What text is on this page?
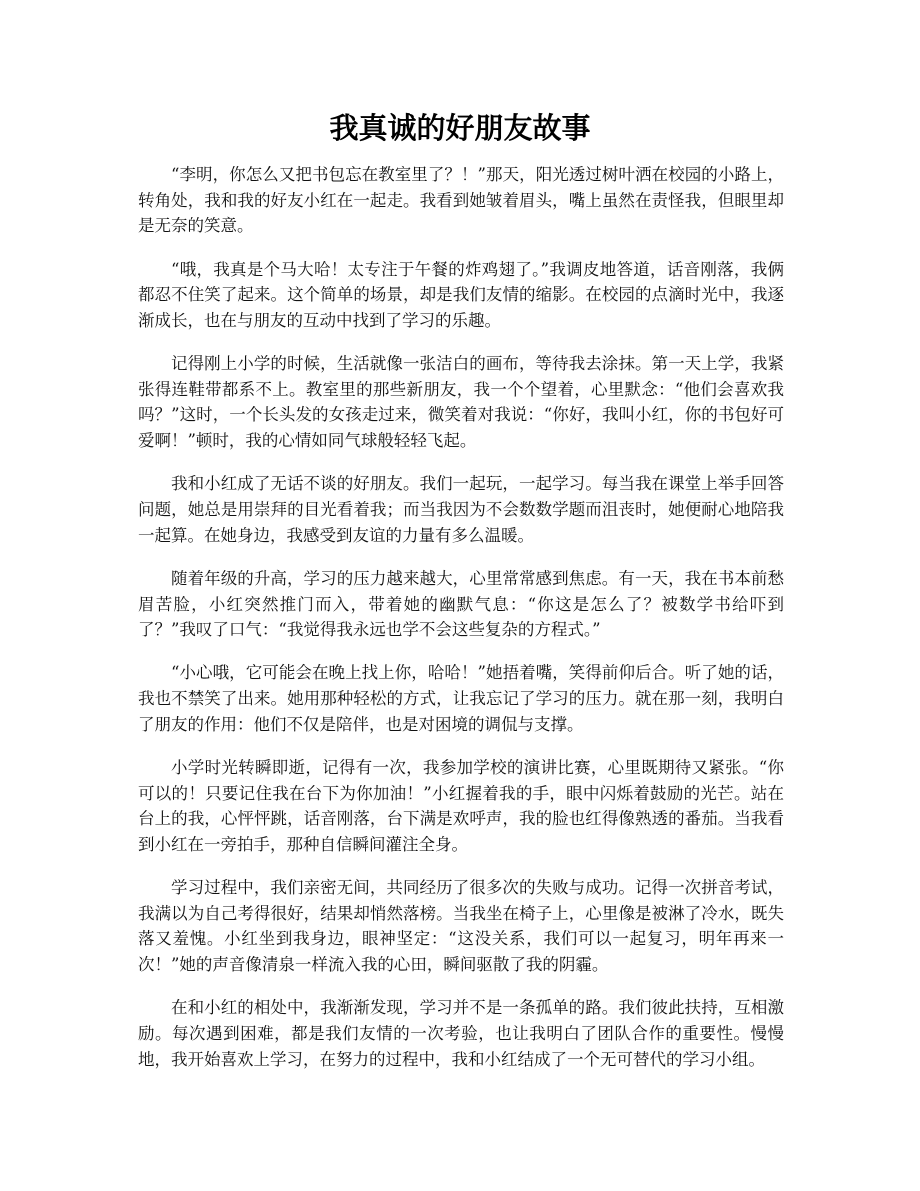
我真诚的好朋友故事

“李明，你怎么又把书包忘在教室里了？！”那天，阳光透过树叶洒在校园的小路上，转角处，我和我的好友小红在一起走。我看到她皱着眉头，嘴上虽然在责怪我，但眼里却是无奈的笑意。

“哦，我真是个马大哈！太专注于午餐的炸鸡翅了。”我调皮地答道，话音刚落，我俩都忍不住笑了起来。这个简单的场景，却是我们友情的缩影。在校园的点滴时光中，我逐渐成长，也在与朋友的互动中找到了学习的乐趣。

记得刚上小学的时候，生活就像一张洁白的画布，等待我去涂抹。第一天上学，我紧张得连鞋带都系不上。教室里的那些新朋友，我一个个望着，心里默念：“他们会喜欢我吗？”这时，一个长头发的女孩走过来，微笑着对我说：“你好，我叫小红，你的书包好可爱啊！”顿时，我的心情如同气球般轻轻飞起。

我和小红成了无话不谈的好朋友。我们一起玩，一起学习。每当我在课堂上举手回答问题，她总是用崇拜的目光看着我；而当我因为不会数数学题而沮丧时，她便耐心地陪我一起算。在她身边，我感受到友谊的力量有多么温暖。

随着年级的升高，学习的压力越来越大，心里常常感到焦虑。有一天，我在书本前愁眉苦脸，小红突然推门而入，带着她的幽默气息：“你这是怎么了？被数学书给吓到了？”我叹了口气：“我觉得我永远也学不会这些复杂的方程式。”

“小心哦，它可能会在晚上找上你，哈哈！”她捂着嘴，笑得前仰后合。听了她的话，我也不禁笑了出来。她用那种轻松的方式，让我忘记了学习的压力。就在那一刻，我明白了朋友的作用：他们不仅是陪伴，也是对困境的调侃与支撑。

小学时光转瞬即逝，记得有一次，我参加学校的演讲比赛，心里既期待又紧张。“你可以的！只要记住我在台下为你加油！”小红握着我的手，眼中闪烁着鼓励的光芒。站在台上的我，心怦怦跳，话音刚落，台下满是欢呼声，我的脸也红得像熟透的番茄。当我看到小红在一旁拍手，那种自信瞬间灌注全身。

学习过程中，我们亲密无间，共同经历了很多次的失败与成功。记得一次拼音考试，我满以为自己考得很好，结果却悄然落榜。当我坐在椅子上，心里像是被淋了冷水，既失落又羞愧。小红坐到我身边，眼神坚定：“这没关系，我们可以一起复习，明年再来一次！”她的声音像清泉一样流入我的心田，瞬间驱散了我的阴霾。

在和小红的相处中，我渐渐发现，学习并不是一条孤单的路。我们彼此扶持，互相激励。每次遇到困难，都是我们友情的一次考验，也让我明白了团队合作的重要性。慢慢地，我开始喜欢上学习，在努力的过程中，我和小红结成了一个无可替代的学习小组。
